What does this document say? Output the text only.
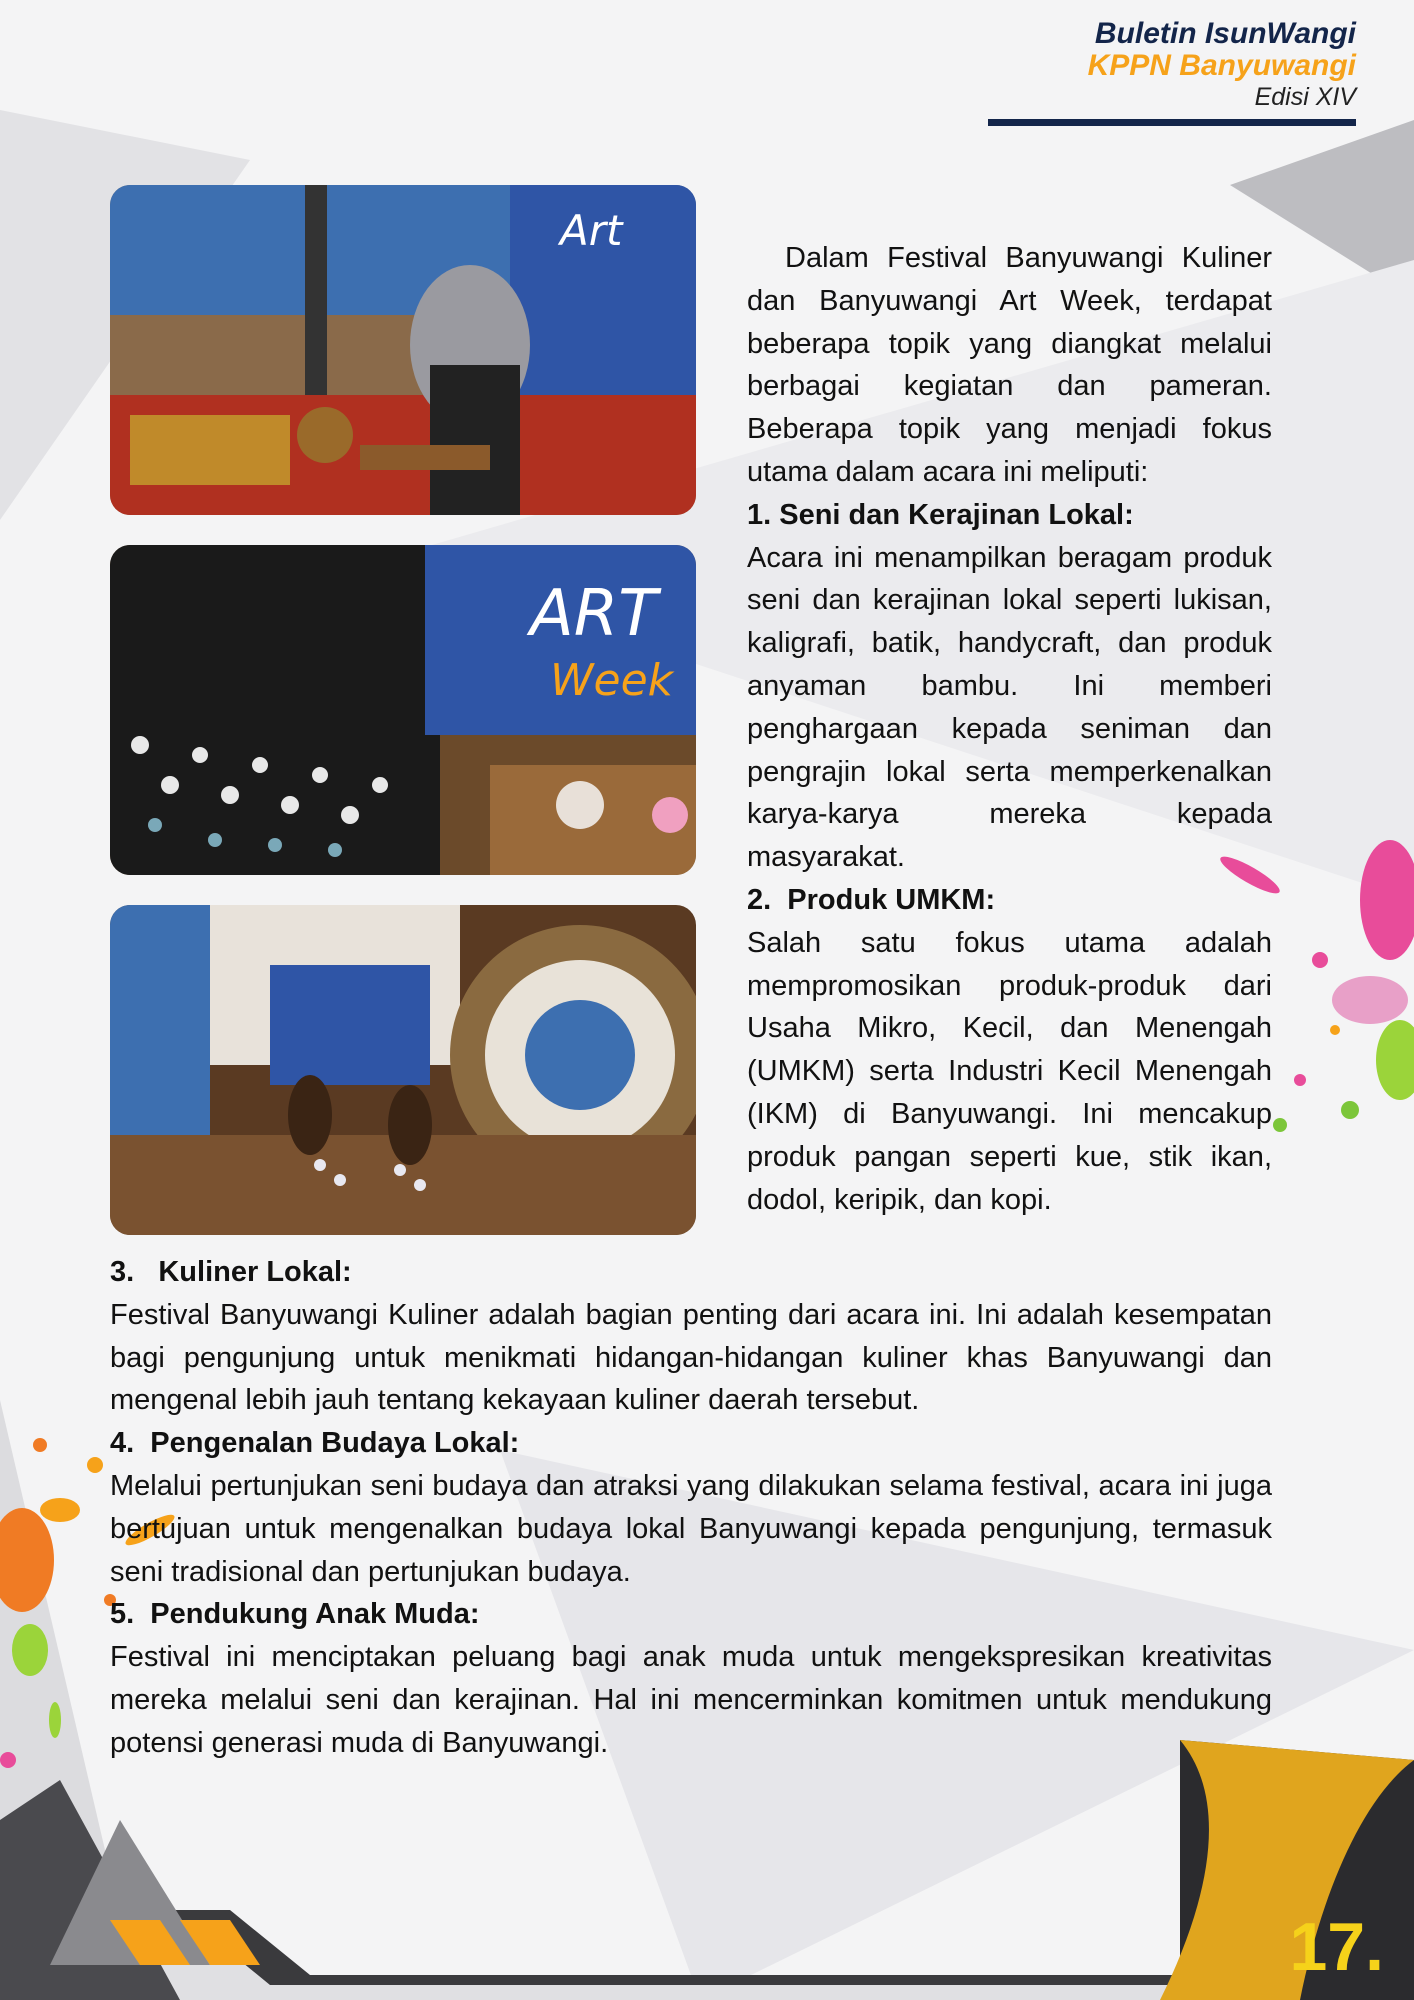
Buletin IsunWangi
KPPN Banyuwangi
Edisi XIV
Art
ART
Week

Dalam Festival Banyuwangi Kuliner dan Banyuwangi Art Week, terdapat beberapa topik yang diangkat melalui berbagai kegiatan dan pameran. Beberapa topik yang menjadi fokus utama dalam acara ini meliputi:

1. Seni dan Kerajinan Lokal:

Acara ini menampilkan beragam produk seni dan kerajinan lokal seperti lukisan, kaligrafi, batik, handycraft, dan produk anyaman bambu. Ini memberi penghargaan kepada seniman dan pengrajin lokal serta memperkenalkan karya-karya mereka kepada masyarakat.

2.  Produk UMKM:

Salah satu fokus utama adalah mempromosikan produk-produk dari Usaha Mikro, Kecil, dan Menengah (UMKM) serta Industri Kecil Menengah (IKM) di Banyuwangi. Ini mencakup produk pangan seperti kue, stik ikan, dodol, keripik, dan kopi.

3.   Kuliner Lokal:

Festival Banyuwangi Kuliner adalah bagian penting dari acara ini. Ini adalah kesempatan bagi pengunjung untuk menikmati hidangan-hidangan kuliner khas Banyuwangi dan mengenal lebih jauh tentang kekayaan kuliner daerah tersebut.

4.  Pengenalan Budaya Lokal:

Melalui pertunjukan seni budaya dan atraksi yang dilakukan selama festival, acara ini juga bertujuan untuk mengenalkan budaya lokal Banyuwangi kepada pengunjung, termasuk seni tradisional dan pertunjukan budaya.

5.  Pendukung Anak Muda:

Festival ini menciptakan peluang bagi anak muda untuk mengekspresikan kreativitas mereka melalui seni dan kerajinan. Hal ini mencerminkan komitmen untuk mendukung potensi generasi muda di Banyuwangi.

17.
